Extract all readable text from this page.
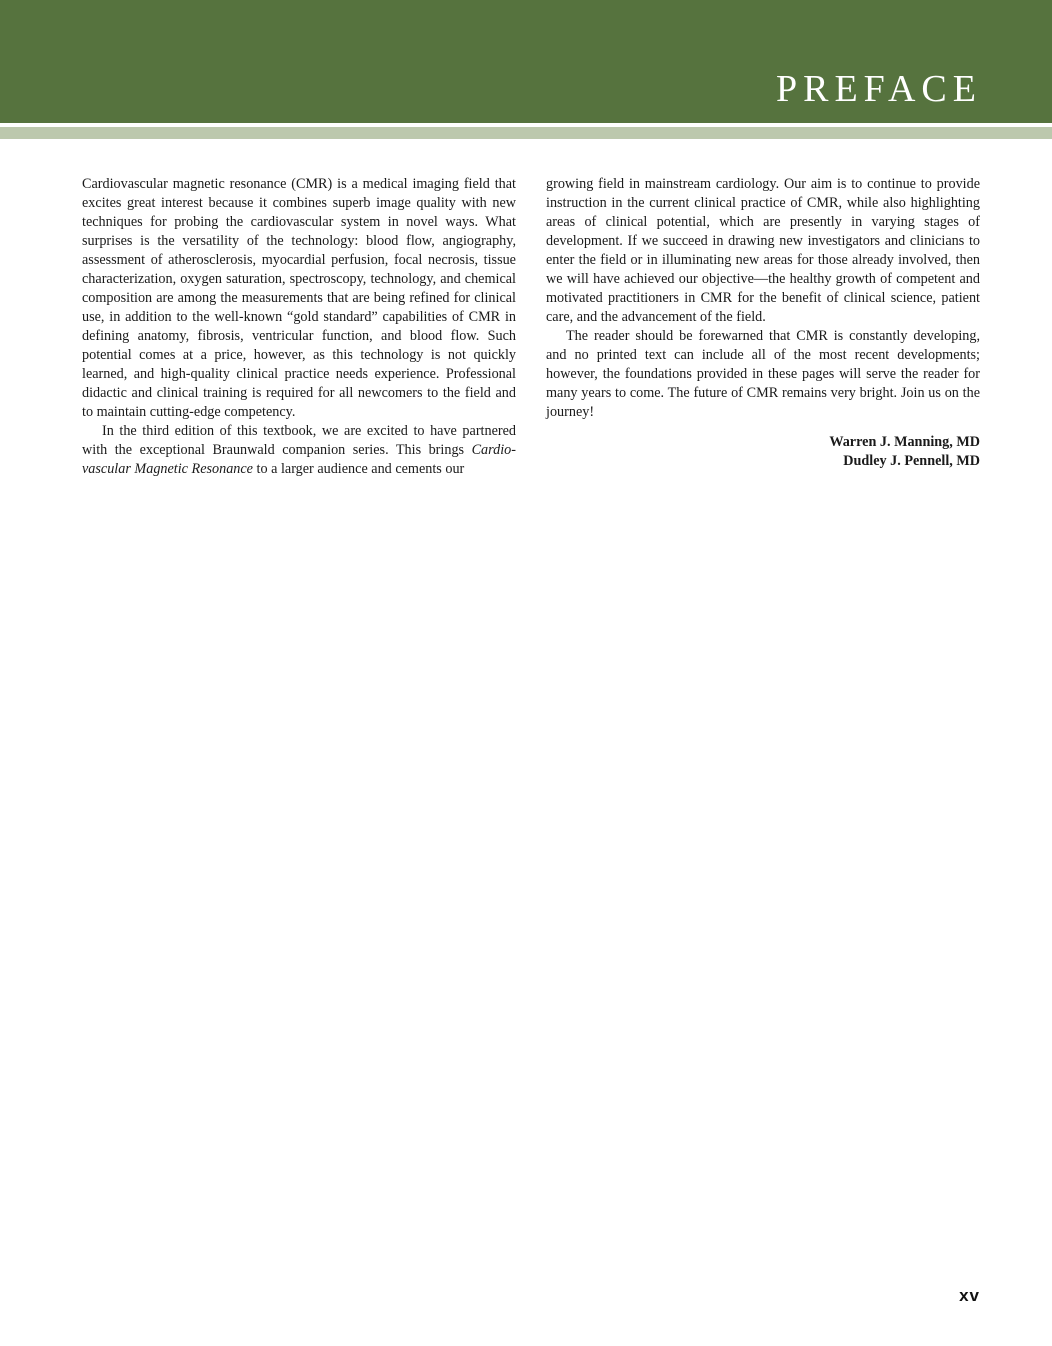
PREFACE

Cardiovascular magnetic resonance (CMR) is a medical imaging field that excites great interest because it combines superb image quality with new techniques for probing the cardiovascular system in novel ways. What surprises is the versatility of the technology: blood flow, angiography, assessment of atherosclerosis, myocardial perfusion, focal necrosis, tissue characterization, oxygen saturation, spectroscopy, technology, and chemical composition are among the measurements that are being refined for clinical use, in addition to the well-known “gold standard” capabilities of CMR in defining anatomy, fibrosis, ventricular function, and blood flow. Such potential comes at a price, however, as this technology is not quickly learned, and high-quality clinical practice needs experience. Professional didactic and clinical training is required for all newcomers to the field and to maintain cutting-edge competency.

In the third edition of this textbook, we are excited to have partnered with the exceptional Braunwald companion series. This brings Cardiovascular Magnetic Resonance to a larger audience and cements our

growing field in mainstream cardiology. Our aim is to continue to provide instruction in the current clinical practice of CMR, while also highlighting areas of clinical potential, which are presently in varying stages of development. If we succeed in drawing new investigators and clinicians to enter the field or in illuminating new areas for those already involved, then we will have achieved our objective—the healthy growth of competent and motivated practitioners in CMR for the benefit of clinical science, patient care, and the advancement of the field.

The reader should be forewarned that CMR is constantly developing, and no printed text can include all of the most recent developments; however, the foundations provided in these pages will serve the reader for many years to come. The future of CMR remains very bright. Join us on the journey!

Warren J. Manning, MD
Dudley J. Pennell, MD
xv
